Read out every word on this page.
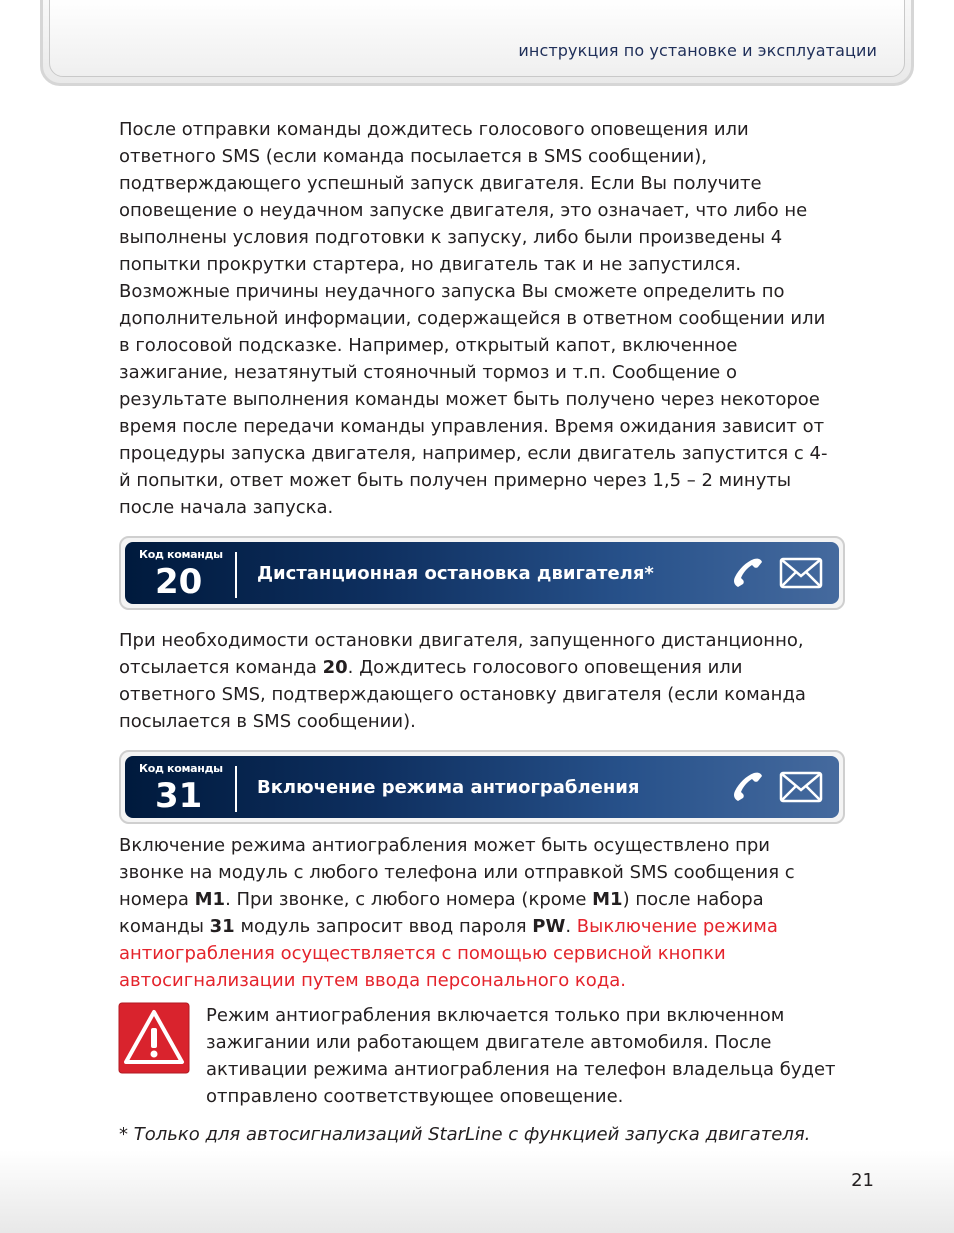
инструкция по установке и эксплуатации

После отправки команды дождитесь голосового оповещения или ответного SMS (если команда посылается в SMS сообщении), подтверждающего успешный запуск двигателя. Если Вы получите оповещение о неудачном запуске двигателя, это означает, что либо не выполнены условия подготовки к запуску, либо были произведены 4 попытки прокрутки стартера, но двигатель так и не запустился. Возможные причины неудачного запуска Вы сможете определить по дополнительной информации, содержащейся в ответном сообщении или в голосовой подсказке. Например, открытый капот, включенное зажигание, незатянутый стояночный тормоз и т.п. Сообщение о результате выполнения команды может быть получено через некоторое время после передачи команды управления. Время ожидания зависит от процедуры запуска двигателя, например, если двигатель запустится с 4-й попытки, ответ может быть получен примерно через 1,5 – 2 минуты после начала запуска.

Код команды
20	Дистанционная остановка двигателя*

При необходимости остановки двигателя, запущенного дистанционно, отсылается команда 20. Дождитесь голосового оповещения или ответного SMS, подтверждающего остановку двигателя (если команда посылается в SMS сообщении).

Код команды
31	Включение режима антиограбления

Включение режима антиограбления может быть осуществлено при звонке на модуль с любого телефона или отправкой SMS сообщения с номера M1. При звонке, с любого номера (кроме M1) после набора команды 31 модуль запросит ввод пароля PW. Выключение режима антиограбления осуществляется с помощью сервисной кнопки автосигнализации путем ввода персонального кода.

Режим антиограбления включается только при включенном зажигании или работающем двигателе автомобиля. После активации режима антиограбления на телефон владельца будет отправлено соответствующее оповещение.

* Только для автосигнализаций StarLine с функцией запуска двигателя.

21
